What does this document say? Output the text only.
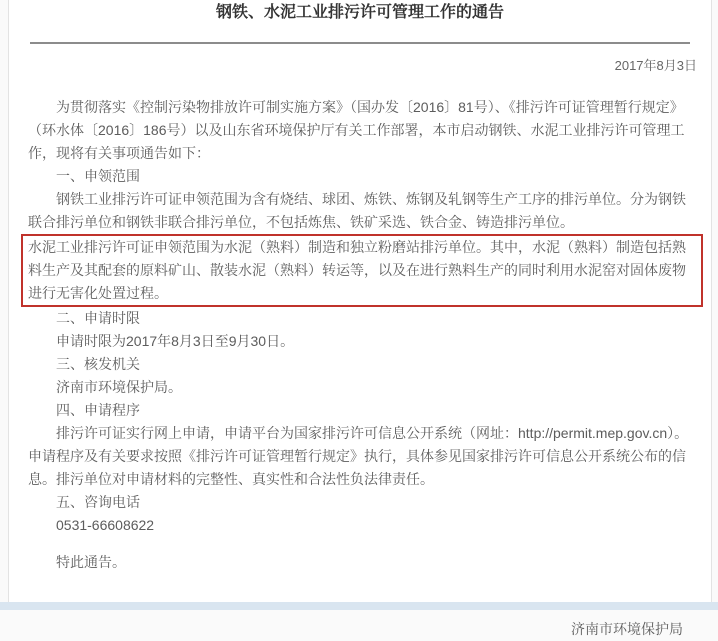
钢铁、水泥工业排污许可管理工作的通告
2017年8月3日

为贯彻落实《控制污染物排放许可制实施方案》（国办发〔2016〕81号）、《排污许可证管理暂行规定》（环水体〔2016〕186号）以及山东省环境保护厅有关工作部署，本市启动钢铁、水泥工业排污许可管理工作，现将有关事项通告如下：

一、申领范围

钢铁工业排污许可证申领范围为含有烧结、球团、炼铁、炼钢及轧钢等生产工序的排污单位。分为钢铁联合排污单位和钢铁非联合排污单位，不包括炼焦、铁矿采选、铁合金、铸造排污单位。

水泥工业排污许可证申领范围为水泥（熟料）制造和独立粉磨站排污单位。其中，水泥（熟料）制造包括熟料生产及其配套的原料矿山、散装水泥（熟料）转运等，以及在进行熟料生产的同时利用水泥窑对固体废物进行无害化处置过程。

二、申请时限

申请时限为2017年8月3日至9月30日。

三、核发机关

济南市环境保护局。

四、申请程序

排污许可证实行网上申请，申请平台为国家排污许可信息公开系统（网址：http://permit.mep.gov.cn）。申请程序及有关要求按照《排污许可证管理暂行规定》执行，具体参见国家排污许可信息公开系统公布的信息。排污单位对申请材料的完整性、真实性和合法性负法律责任。

五、咨询电话

0531-66608622

特此通告。

济南市环境保护局
